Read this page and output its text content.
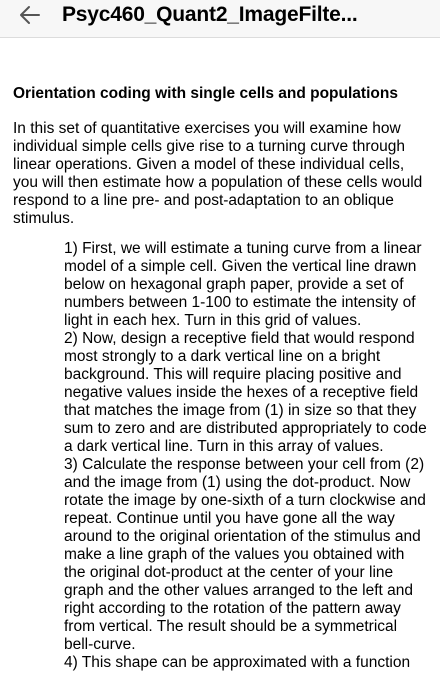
Psyc460_Quant2_ImageFilte...

Orientation coding with single cells and populations

In this set of quantitative exercises you will examine how individual simple cells give rise to a turning curve through linear operations. Given a model of these individual cells, you will then estimate how a population of these cells would respond to a line pre- and post-adaptation to an oblique stimulus.

1) First, we will estimate a tuning curve from a linear model of a simple cell. Given the vertical line drawn below on hexagonal graph paper, provide a set of numbers between 1-100 to estimate the intensity of light in each hex. Turn in this grid of values.

2) Now, design a receptive field that would respond most strongly to a dark vertical line on a bright background. This will require placing positive and negative values inside the hexes of a receptive field that matches the image from (1) in size so that they sum to zero and are distributed appropriately to code a dark vertical line. Turn in this array of values.

3) Calculate the response between your cell from (2) and the image from (1) using the dot-product. Now rotate the image by one-sixth of a turn clockwise and repeat. Continue until you have gone all the way around to the original orientation of the stimulus and make a line graph of the values you obtained with the original dot-product at the center of your line graph and the other values arranged to the left and right according to the rotation of the pattern away from vertical. The result should be a symmetrical bell-curve.

4) This shape can be approximated with a function
